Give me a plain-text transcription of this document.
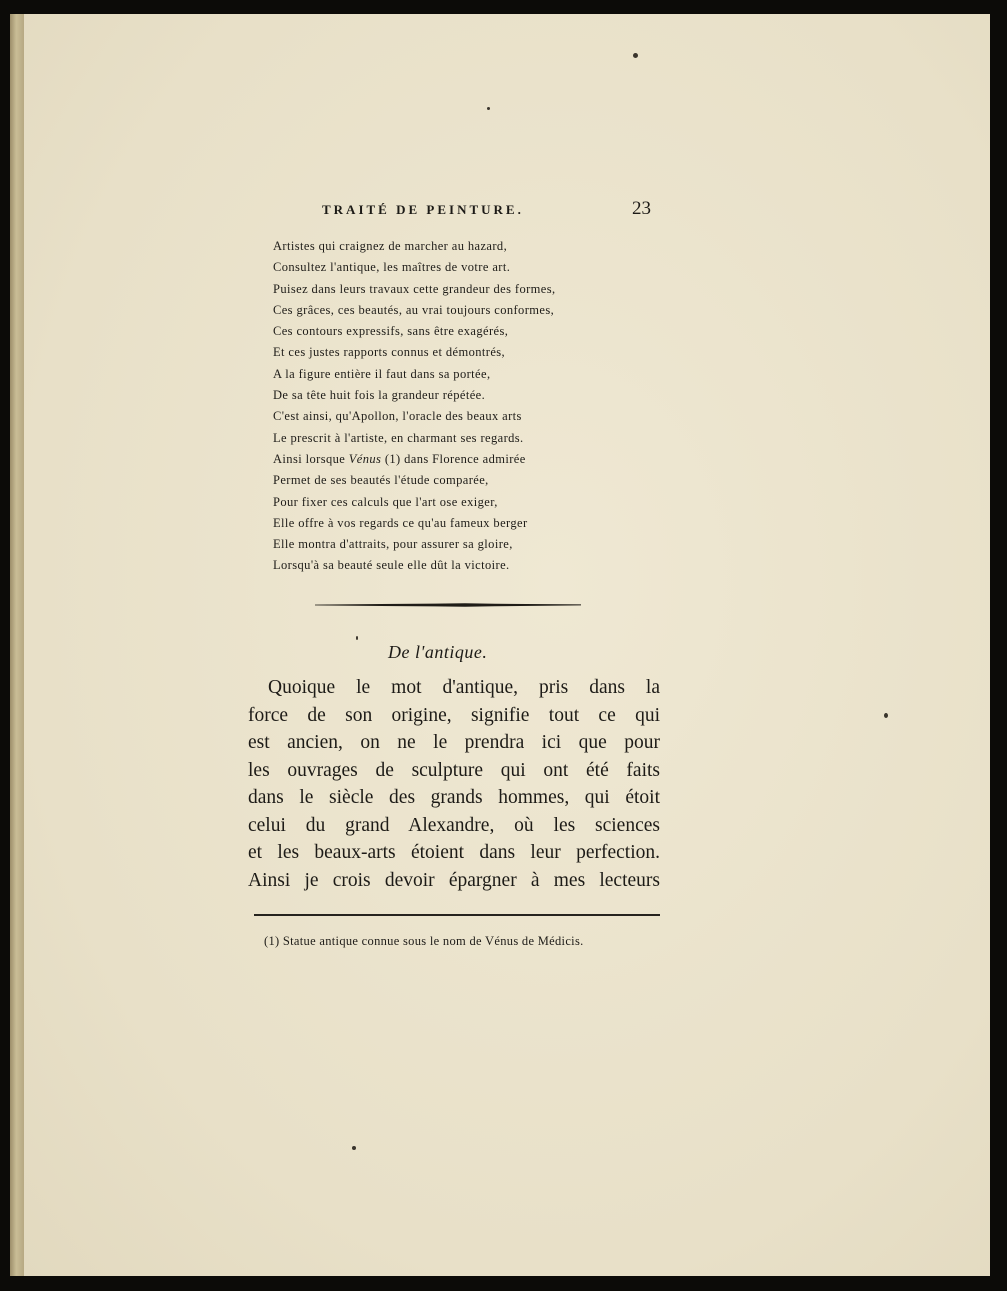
TRAITÉ DE PEINTURE.	23
Artistes qui craignez de marcher au hazard,
Consultez l'antique, les maîtres de votre art.
Puisez dans leurs travaux cette grandeur des formes,
Ces grâces, ces beautés, au vrai toujours conformes,
Ces contours expressifs, sans être exagérés,
Et ces justes rapports connus et démontrés,
A la figure entière il faut dans sa portée,
De sa tête huit fois la grandeur répétée.
C'est ainsi, qu'Apollon, l'oracle des beaux arts
Le prescrit à l'artiste, en charmant ses regards.
Ainsi lorsque Vénus (1) dans Florence admirée
Permet de ses beautés l'étude comparée,
Pour fixer ces calculs que l'art ose exiger,
Elle offre à vos regards ce qu'au fameux berger
Elle montra d'attraits, pour assurer sa gloire,
Lorsqu'à sa beauté seule elle dût la victoire.
De l'antique.
Quoique le mot d'antique, pris dans la
force de son origine, signifie tout ce qui
est ancien, on ne le prendra ici que pour
les ouvrages de sculpture qui ont été faits
dans le siècle des grands hommes, qui étoit
celui du grand Alexandre, où les sciences
et les beaux-arts étoient dans leur perfection.
Ainsi je crois devoir épargner à mes lecteurs
(1) Statue antique connue sous le nom de Vénus de Médicis.
